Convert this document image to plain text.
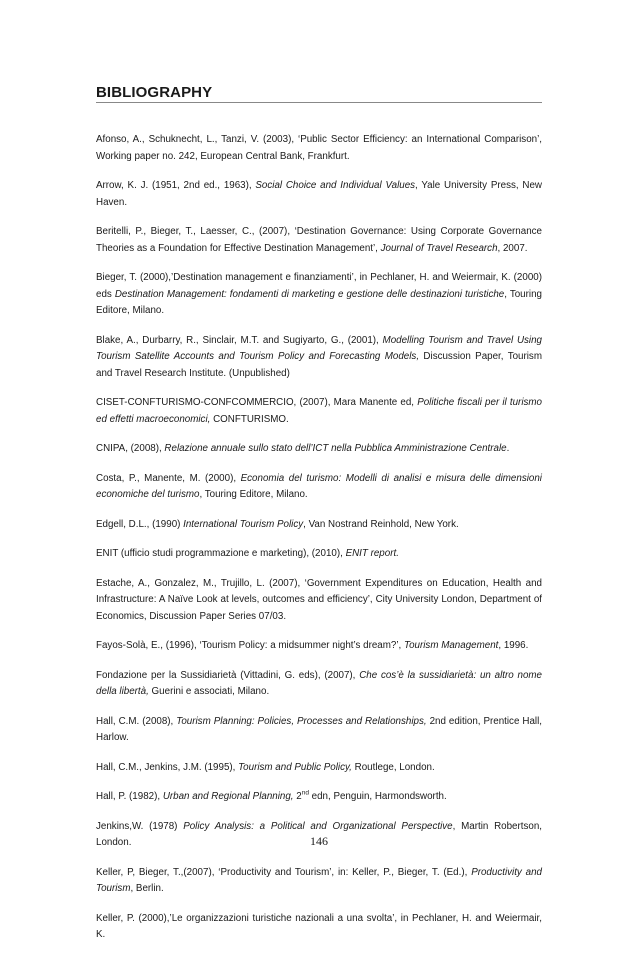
BIBLIOGRAPHY

Afonso, A., Schuknecht, L., Tanzi, V. (2003), ‘Public Sector Efficiency: an International Comparison’, Working paper no. 242, European Central Bank, Frankfurt.

Arrow, K. J. (1951, 2nd ed., 1963), Social Choice and Individual Values, Yale University Press, New Haven.

Beritelli, P., Bieger, T., Laesser, C., (2007), ‘Destination Governance: Using Corporate Governance Theories as a Foundation for Effective Destination Management’, Journal of Travel Research, 2007.

Bieger, T. (2000),’Destination management e finanziamenti’, in Pechlaner, H. and Weiermair, K. (2000) eds Destination Management: fondamenti di marketing e gestione delle destinazioni turistiche, Touring Editore, Milano.

Blake, A., Durbarry, R., Sinclair, M.T. and Sugiyarto, G., (2001), Modelling Tourism and Travel Using Tourism Satellite Accounts and Tourism Policy and Forecasting Models, Discussion Paper, Tourism and Travel Research Institute. (Unpublished)

CISET-CONFTURISMO-CONFCOMMERCIO, (2007), Mara Manente ed, Politiche fiscali per il turismo ed effetti macroeconomici, CONFTURISMO.

CNIPA, (2008), Relazione annuale sullo stato dell’ICT nella Pubblica Amministrazione Centrale.

Costa, P., Manente, M. (2000), Economia del turismo: Modelli di analisi e misura delle dimensioni economiche del turismo, Touring Editore, Milano.

Edgell, D.L., (1990) International Tourism Policy, Van Nostrand Reinhold, New York.

ENIT (ufficio studi programmazione e marketing), (2010), ENIT report.

Estache, A., Gonzalez, M., Trujillo, L. (2007), ‘Government Expenditures on Education, Health and Infrastructure: A Naïve Look at levels, outcomes and efficiency’, City University London, Department of Economics, Discussion Paper Series 07/03.

Fayos-Solà, E., (1996), ‘Tourism Policy: a midsummer night’s dream?’, Tourism Management, 1996.

Fondazione per la Sussidiarietà (Vittadini, G. eds), (2007), Che cos’è la sussidiarietà: un altro nome della libertà, Guerini e associati, Milano.

Hall, C.M. (2008), Tourism Planning: Policies, Processes and Relationships, 2nd edition, Prentice Hall, Harlow.

Hall, C.M., Jenkins, J.M. (1995), Tourism and Public Policy, Routlege, London.

Hall, P. (1982), Urban and Regional Planning, 2nd edn, Penguin, Harmondsworth.

Jenkins,W. (1978) Policy Analysis: a Political and Organizational Perspective, Martin Robertson, London.

Keller, P, Bieger, T.,(2007), ‘Productivity and Tourism’, in: Keller, P., Bieger, T. (Ed.), Productivity and Tourism, Berlin.

Keller, P. (2000),’Le organizzazioni turistiche nazionali a una svolta’, in Pechlaner, H. and Weiermair, K.

146
